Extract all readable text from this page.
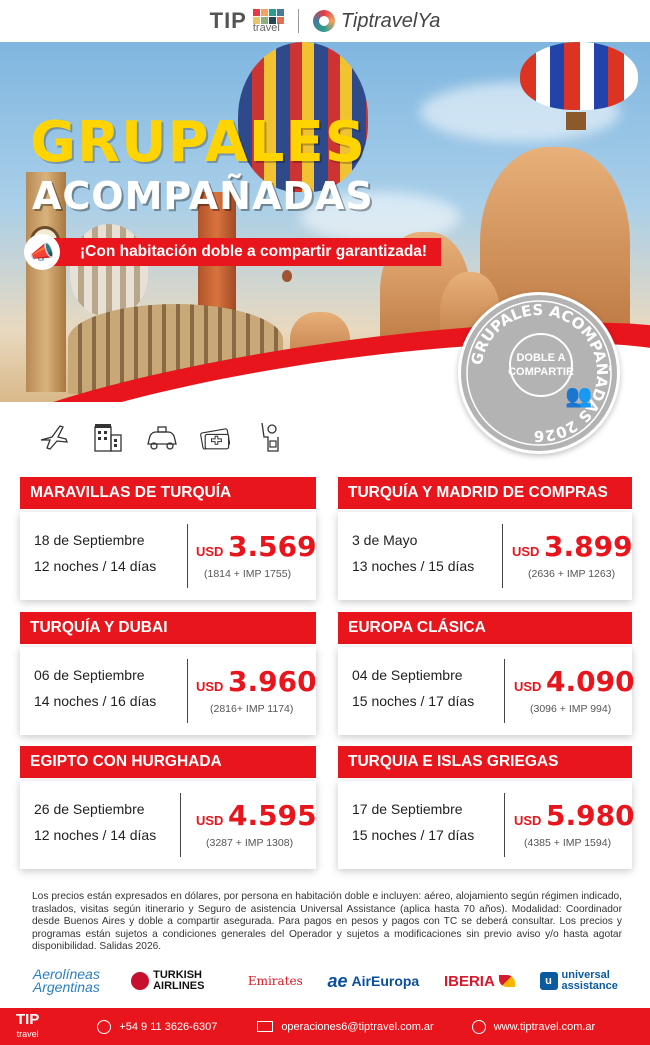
TIP travel	TiptravelYa
GRUPALES
ACOMPAÑADAS
¡Con habitación doble a compartir garantizada!
📣
GRUPALES ACOMPAÑADAS 2026
DOBLE A
COMPARTIR
👥
MARAVILLAS DE TURQUÍA
18 de Septiembre
12 noches / 14 días
USD 3.569
(1814 + IMP 1755)
TURQUÍA Y MADRID DE COMPRAS
3 de Mayo
13 noches / 15 días
USD 3.899
(2636 + IMP 1263)
TURQUÍA Y DUBAI
06 de Septiembre
14 noches / 16 días
USD 3.960
(2816+ IMP 1174)
EUROPA CLÁSICA
04 de Septiembre
15 noches / 17 días
USD 4.090
(3096 + IMP 994)
EGIPTO CON HURGHADA
26 de Septiembre
12 noches / 14 días
USD 4.595
(3287 + IMP 1308)
TURQUIA E ISLAS GRIEGAS
17 de Septiembre
15 noches / 17 días
USD 5.980
(4385 + IMP 1594)

Los precios están expresados en dólares, por persona en habitación doble e incluyen: aéreo, alojamiento según régimen indicado, traslados, visitas según itinerario y Seguro de asistencia Universal Assistance (aplica hasta 70 años). Modalidad: Coordinador desde Buenos Aires y doble a compartir asegurada. Para pagos en pesos y pagos con TC se deberá consultar. Los precios y programas están sujetos a condiciones generales del Operador y sujetos a modificaciones sin previo aviso y/o hasta agotar disponibilidad. Salidas 2026.

Aerolíneas Argentinas
TURKISH AIRLINES	Emirates ae AirEuropa IBERIA	u universal assistance
TIP
travel
+54 9 11 3626-6307	operaciones6@tiptravel.com.ar	www.tiptravel.com.ar
